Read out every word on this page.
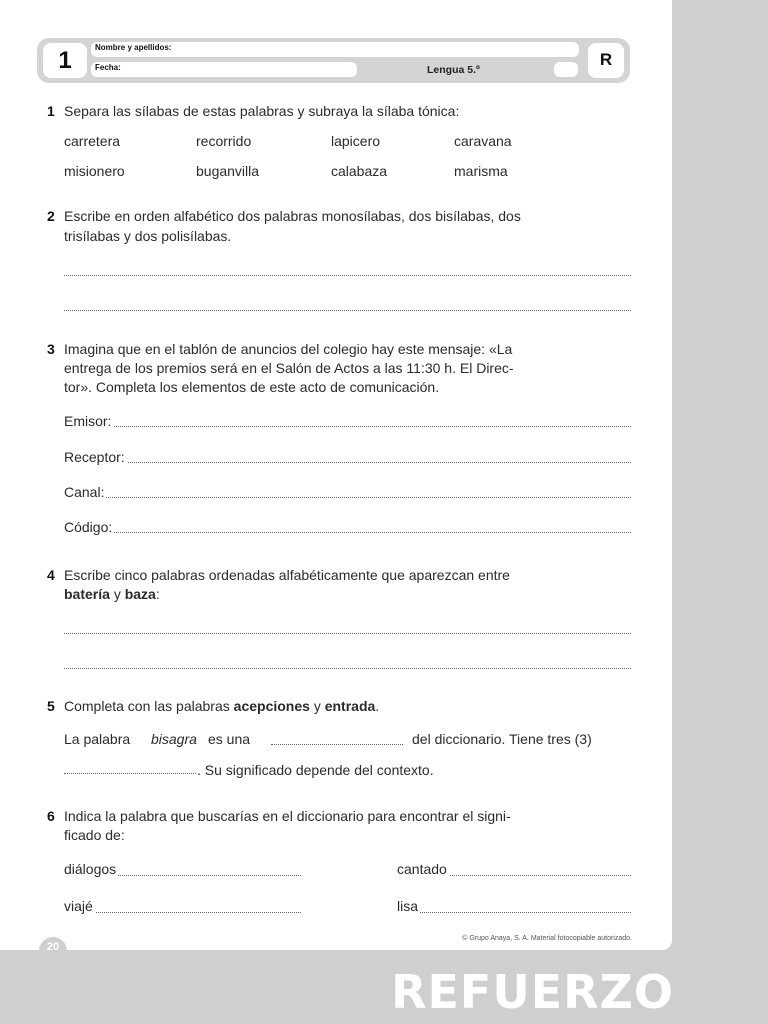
1	Nombre y apellidos:
Fecha:	Lengua 5.º
R
1 Separa las sílabas de estas palabras y subraya la sílaba tónica:
carretera	recorrido	lapicero	caravana
misionero	buganvilla	calabaza	marisma
2 Escribe en orden alfabético dos palabras monosílabas, dos bisílabas, dos
trisílabas y dos polisílabas.
3 Imagina que en el tablón de anuncios del colegio hay este mensaje: «La
entrega de los premios será en el Salón de Actos a las 11:30 h. El Direc-
tor». Completa los elementos de este acto de comunicación.
Emisor:
Receptor:
Canal:
Código:
4 Escribe cinco palabras ordenadas alfabéticamente que aparezcan entre
batería y baza:
5 Completa con las palabras acepciones y entrada.
La palabra bisagra es una	del diccionario. Tiene tres (3)
. Su significado depende del contexto.
6 Indica la palabra que buscarías en el diccionario para encontrar el signi-
ficado de:
diálogos	cantado
viajé	lisa
© Grupo Anaya, S. A. Material fotocopiable autorizado.
20
REFUERZO
